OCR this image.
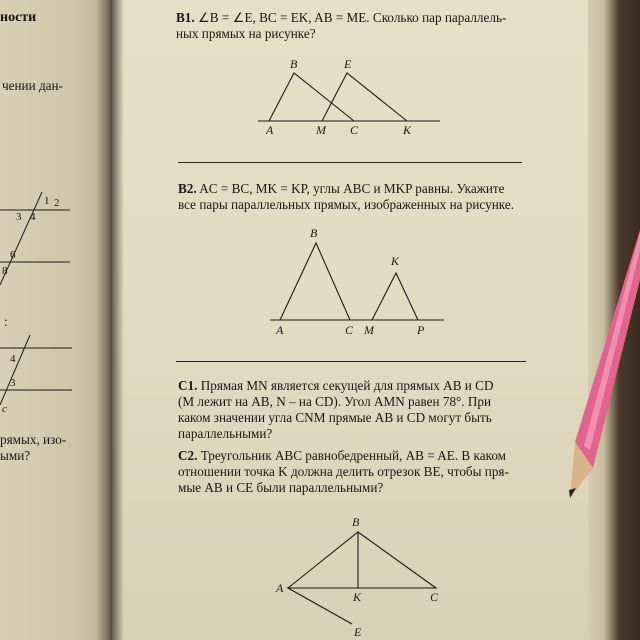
ности
чении дан-
:
рямых, изо-
ыми?
B1. ∠B = ∠E, BC = EK, AB = ME. Сколько пар параллель-
ных прямых на рисунке?
B2. AC = BC, MK = KP, углы ABC и MKP равны. Укажите
все пары параллельных прямых, изображенных на рисунке.
C1. Прямая MN является секущей для прямых AB и CD
(M лежит на AB, N – на CD). Угол AMN равен 78°. При
каком значении угла CNM прямые AB и CD могут быть
параллельными?
C2. Треугольник ABC равнобедренный, AB = AE. В каком
отношении точка K должна делить отрезок BE, чтобы пря-
мые AB и CE были параллельными?
1 2
3 4
6
8
4
3
c
B	E
A	M C	K
B
K
A	C M	P
B
A
K	C
E
